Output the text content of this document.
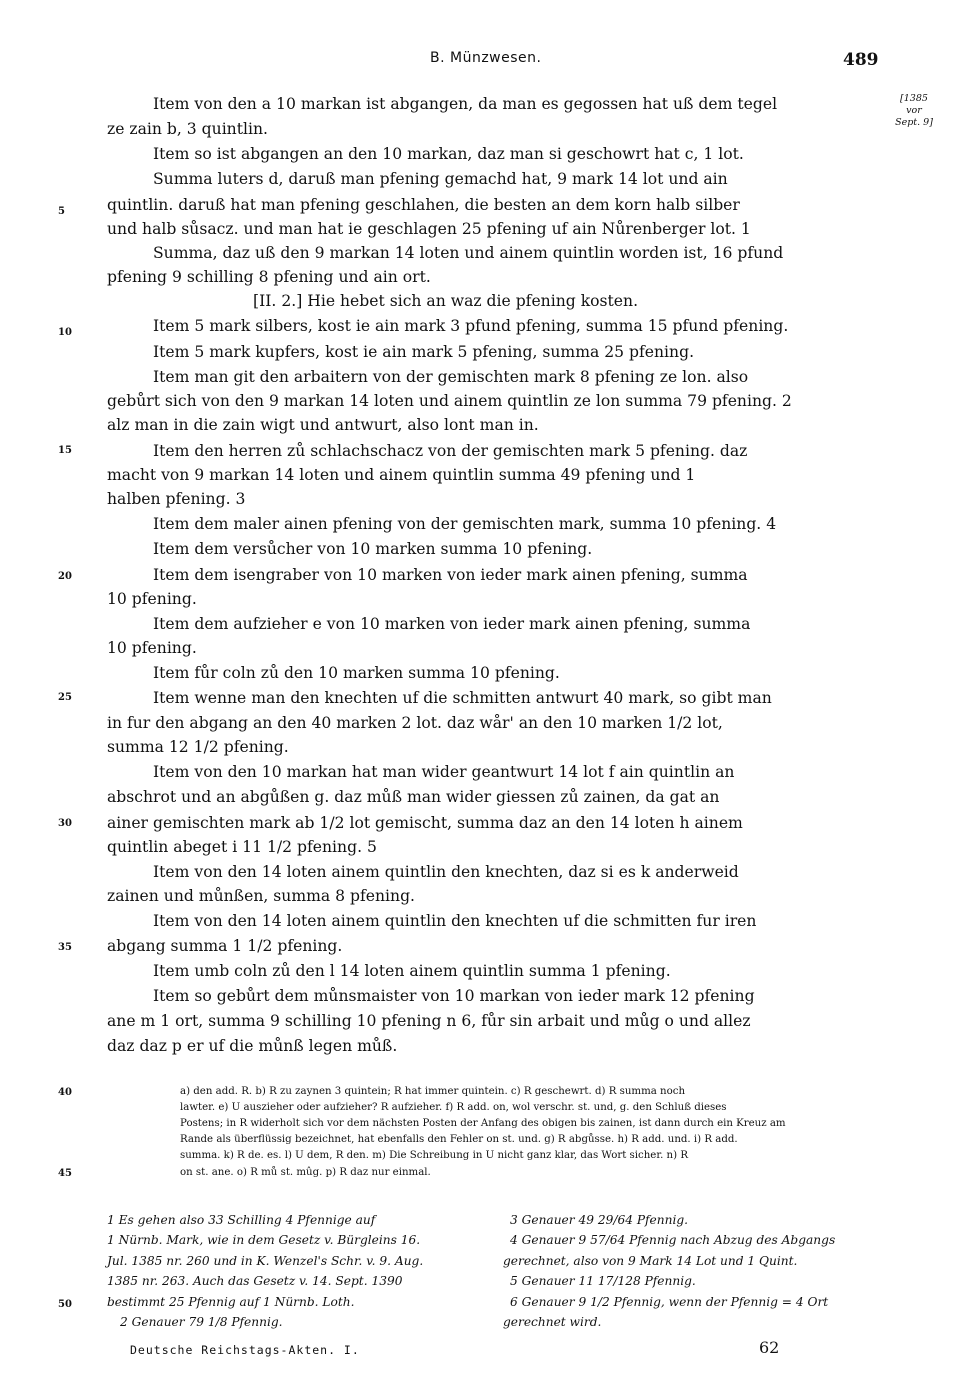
B. Münzwesen.	489
[1385
vor
Sept. 9]
5
10
15
20
25
30
35
40
45
50
Item von den a 10 markan ist abgangen, da man es gegossen hat uß dem tegel
ze zain b, 3 quintlin.
Item so ist abgangen an den 10 markan, daz man si geschowrt hat c, 1 lot.
Summa luters d, daruß man pfening gemachd hat, 9 mark 14 lot und ain
quintlin. daruß hat man pfening geschlahen, die besten an dem korn halb silber
und halb sůsacz. und man hat ie geschlagen 25 pfening uf ain Nůrenberger lot. 1
Summa, daz uß den 9 markan 14 loten und ainem quintlin worden ist, 16 pfund
pfening 9 schilling 8 pfening und ain ort.
[II. 2.] Hie hebet sich an waz die pfening kosten.
Item 5 mark silbers, kost ie ain mark 3 pfund pfening, summa 15 pfund pfening.
Item 5 mark kupfers, kost ie ain mark 5 pfening, summa 25 pfening.
Item man git den arbaitern von der gemischten mark 8 pfening ze lon. also
gebůrt sich von den 9 markan 14 loten und ainem quintlin ze lon summa 79 pfening. 2
alz man in die zain wigt und antwurt, also lont man in.
Item den herren zů schlachschacz von der gemischten mark 5 pfening. daz
macht von 9 markan 14 loten und ainem quintlin summa 49 pfening und 1
halben pfening. 3
Item dem maler ainen pfening von der gemischten mark, summa 10 pfening. 4
Item dem versůcher von 10 marken summa 10 pfening.
Item dem isengraber von 10 marken von ieder mark ainen pfening, summa
10 pfening.
Item dem aufzieher e von 10 marken von ieder mark ainen pfening, summa
10 pfening.
Item fůr coln zů den 10 marken summa 10 pfening.
Item wenne man den knechten uf die schmitten antwurt 40 mark, so gibt man
in fur den abgang an den 40 marken 2 lot. daz wår' an den 10 marken 1/2 lot,
summa 12 1/2 pfening.
Item von den 10 markan hat man wider geantwurt 14 lot f ain quintlin an
abschrot und an abgůßen g. daz můß man wider giessen zů zainen, da gat an
ainer gemischten mark ab 1/2 lot gemischt, summa daz an den 14 loten h ainem
quintlin abeget i 11 1/2 pfening. 5
Item von den 14 loten ainem quintlin den knechten, daz si es k anderweid
zainen und můnßen, summa 8 pfening.
Item von den 14 loten ainem quintlin den knechten uf die schmitten fur iren
abgang summa 1 1/2 pfening.
Item umb coln zů den l 14 loten ainem quintlin summa 1 pfening.
Item so gebůrt dem můnsmaister von 10 markan von ieder mark 12 pfening
ane m 1 ort, summa 9 schilling 10 pfening n 6, fůr sin arbait und můg o und allez
daz daz p er uf die můnß legen můß.
a) den add. R. b) R zu zaynen 3 quintein; R hat immer quintein. c) R geschewrt. d) R summa noch
lawter. e) U auszieher oder aufzieher? R aufzieher. f) R add. on, wol verschr. st. und, g. den Schluß dieses
Postens; in R widerholt sich vor dem nächsten Posten der Anfang des obigen bis zainen, ist dann durch ein Kreuz am
Rande als überflüssig bezeichnet, hat ebenfalls den Fehler on st. und. g) R abgůsse. h) R add. und. i) R add.
summa. k) R de. es. l) U dem, R den. m) Die Schreibung in U nicht ganz klar, das Wort sicher. n) R
on st. ane. o) R mů st. mûg. p) R daz nur einmal.
1 Es gehen also 33 Schilling 4 Pfennige auf
1 Nürnb. Mark, wie in dem Gesetz v. Bürgleins 16.
Jul. 1385 nr. 260 und in K. Wenzel's Schr. v. 9. Aug.
1385 nr. 263. Auch das Gesetz v. 14. Sept. 1390
bestimmt 25 Pfennig auf 1 Nürnb. Loth.
2 Genauer 79 1/8 Pfennig.
3 Genauer 49 29/64 Pfennig.
4 Genauer 9 57/64 Pfennig nach Abzug des Abgangs
gerechnet, also von 9 Mark 14 Lot und 1 Quint.
5 Genauer 11 17/128 Pfennig.
6 Genauer 9 1/2 Pfennig, wenn der Pfennig = 4 Ort
gerechnet wird.
Deutsche Reichstags-Akten. I.	62
